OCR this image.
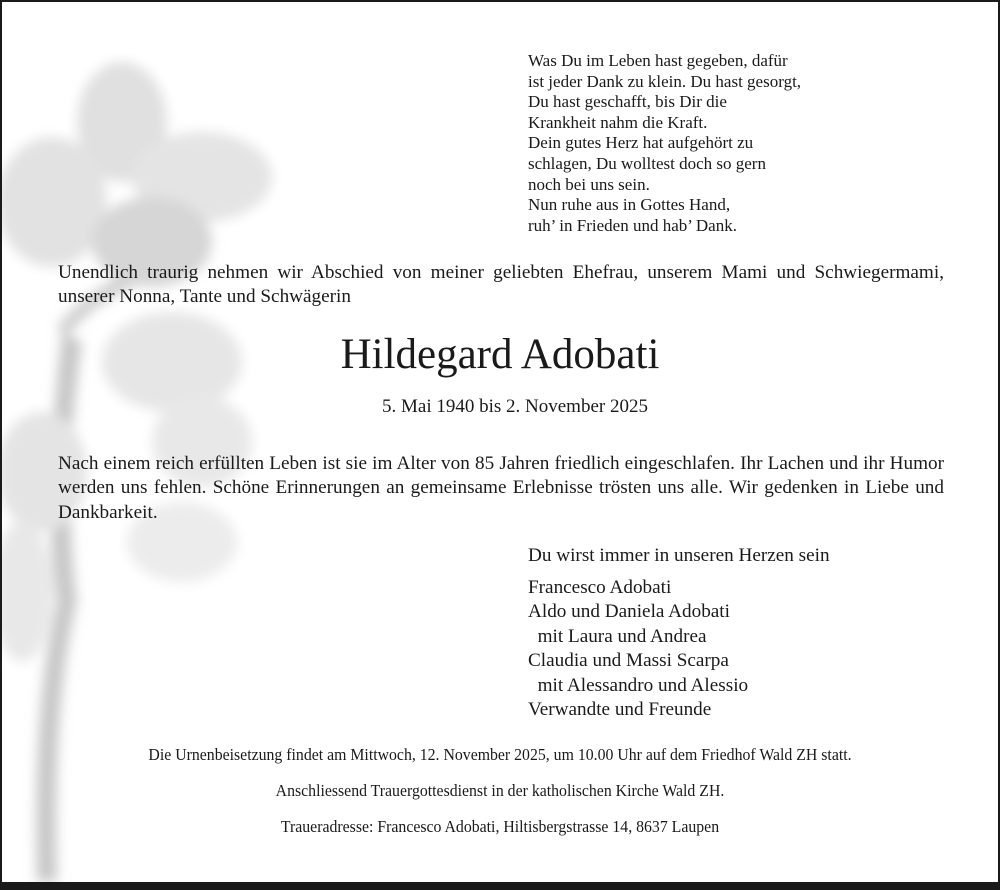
Was Du im Leben hast gegeben, dafür
ist jeder Dank zu klein. Du hast gesorgt,
Du hast geschafft, bis Dir die
Krankheit nahm die Kraft.
Dein gutes Herz hat aufgehört zu
schlagen, Du wolltest doch so gern
noch bei uns sein.
Nun ruhe aus in Gottes Hand,
ruh’ in Frieden und hab’ Dank.
Unendlich traurig nehmen wir Abschied von meiner geliebten Ehefrau, unserem Mami und Schwiegermami, unserer Nonna, Tante und Schwägerin
Hildegard Adobati
5. Mai 1940 bis 2. November 2025
Nach einem reich erfüllten Leben ist sie im Alter von 85 Jahren friedlich eingeschlafen. Ihr Lachen und ihr Humor werden uns fehlen. Schöne Erinnerungen an gemeinsame Erlebnisse trösten uns alle. Wir gedenken in Liebe und Dankbarkeit.
Du wirst immer in unseren Herzen sein
Francesco Adobati
Aldo und Daniela Adobati
mit Laura und Andrea
Claudia und Massi Scarpa
mit Alessandro und Alessio
Verwandte und Freunde
Die Urnenbeisetzung findet am Mittwoch, 12. November 2025, um 10.00 Uhr auf dem Friedhof Wald ZH statt.
Anschliessend Trauergottesdienst in der katholischen Kirche Wald ZH.
Traueradresse: Francesco Adobati, Hiltisbergstrasse 14, 8637 Laupen
